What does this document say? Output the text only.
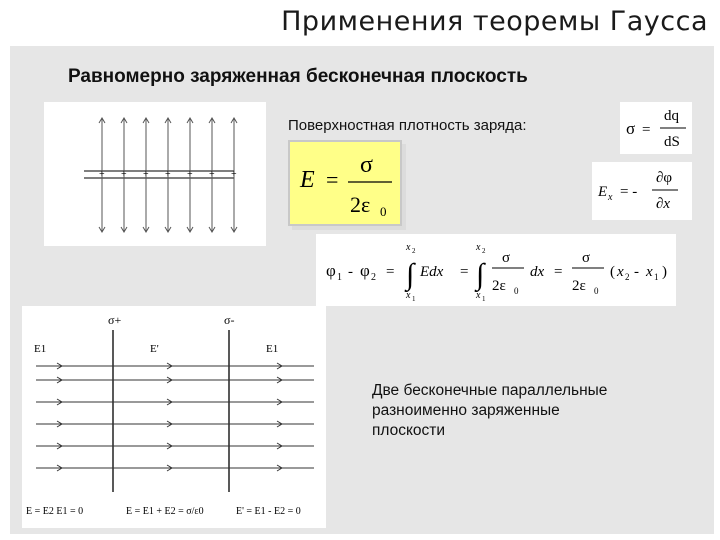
Применения теоремы Гаусса
Равномерно заряженная бесконечная плоскость
+ + + + + + +
Поверхностная плотность заряда:	σ =
dq
dS
E =
σ
2ε 0
E x = -
∂φ
∂x
φ 1 - φ 2 =
x 2
∫
x 1
Edx =
x 2
∫
x 1
σ
2ε 0
dx =
σ
2ε 0
( x 2 - x 1 )
σ+	σ-
E1	E'	E1
E = E2 E1 = 0	E = E1 + E2 = σ/ε0	E' = E1 - E2 = 0
Две бесконечные параллельные
разноименно заряженные
плоскости
